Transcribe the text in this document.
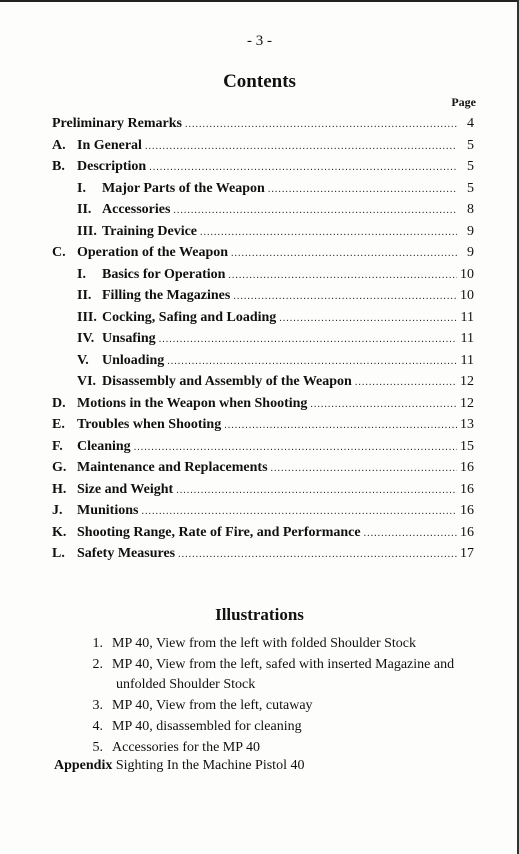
- 3 -
Contents
Page
Preliminary Remarks .....	4
A. In General .....	5
B. Description .....	5
I.	Major Parts of the Weapon .....	5
II. Accessories .....	8
III. Training Device .....	9
C. Operation of the Weapon .....	9
I.	Basics for Operation .....	10
II. Filling the Magazines .....	10
III. Cocking, Safing and Loading .....	11
IV. Unsafing .....	11
V. Unloading .....	11
VI. Disassembly and Assembly of the Weapon .....	12
D. Motions in the Weapon when Shooting .....	12
E. Troubles when Shooting .....	13
F.	Cleaning .....	15
G. Maintenance and Replacements .....	16
H. Size and Weight .....	16
J.	Munitions .....	16
K. Shooting Range, Rate of Fire, and Performance .....	16
L. Safety Measures .....	17
Illustrations
1. MP 40, View from the left with folded Shoulder Stock
2. MP 40, View from the left, safed with inserted Magazine and
unfolded Shoulder Stock
3. MP 40, View from the left, cutaway
4. MP 40, disassembled for cleaning
5. Accessories for the MP 40
Appendix Sighting In the Machine Pistol 40
